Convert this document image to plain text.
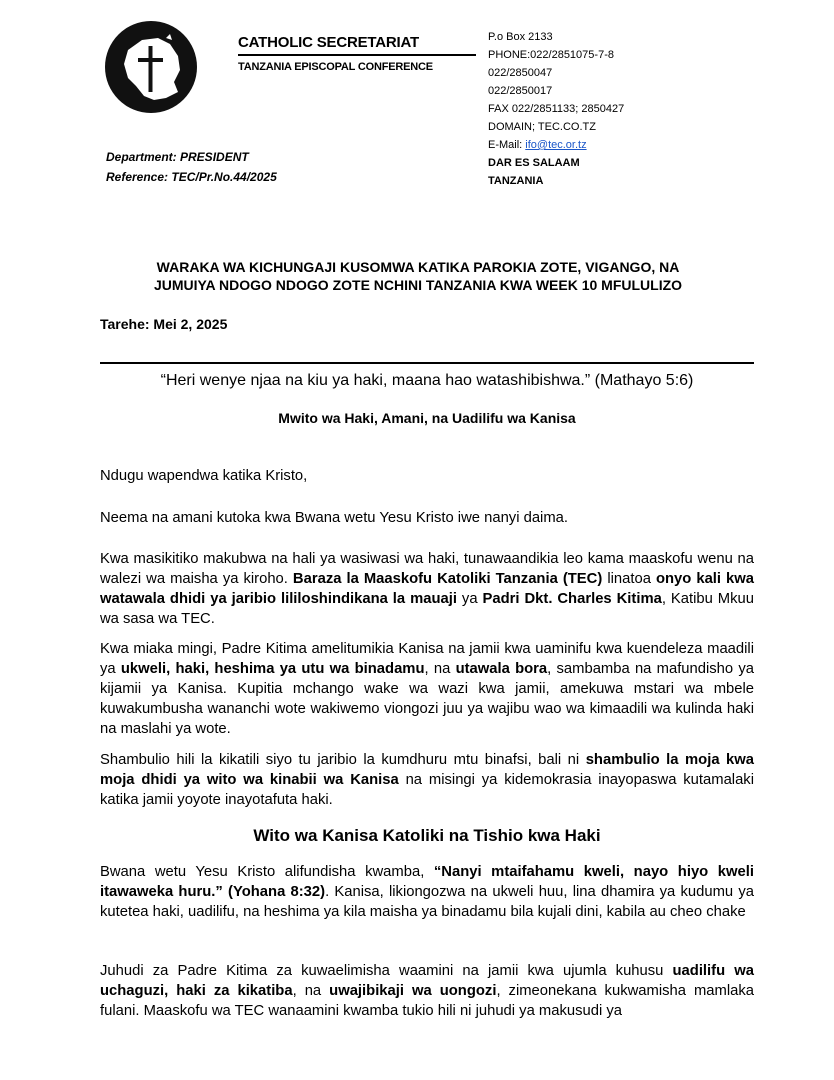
CATHOLIC SECRETARIAT
TANZANIA EPISCOPAL CONFERENCE
P.o Box 2133
PHONE:022/2851075-7-8
022/2850047
022/2850017
FAX 022/2851133; 2850427
DOMAIN; TEC.CO.TZ
E-Mail: ifo@tec.or.tz
DAR ES SALAAM
TANZANIA
Department: PRESIDENT
Reference: TEC/Pr.No.44/2025
WARAKA WA KICHUNGAJI KUSOMWA KATIKA PAROKIA ZOTE, VIGANGO, NA
JUMUIYA NDOGO NDOGO ZOTE NCHINI TANZANIA KWA WEEK 10 MFULULIZO
Tarehe: Mei 2, 2025
“Heri wenye njaa na kiu ya haki, maana hao watashibishwa.” (Mathayo 5:6)
Mwito wa Haki, Amani, na Uadilifu wa Kanisa
Ndugu wapendwa katika Kristo,
Neema na amani kutoka kwa Bwana wetu Yesu Kristo iwe nanyi daima.
Kwa masikitiko makubwa na hali ya wasiwasi wa haki, tunawaandikia leo kama maaskofu wenu na walezi wa maisha ya kiroho. Baraza la Maaskofu Katoliki Tanzania (TEC) linatoa onyo kali kwa watawala dhidi ya jaribio lililoshindikana la mauaji ya Padri Dkt. Charles Kitima, Katibu Mkuu wa sasa wa TEC.
Kwa miaka mingi, Padre Kitima amelitumikia Kanisa na jamii kwa uaminifu kwa kuendeleza maadili ya ukweli, haki, heshima ya utu wa binadamu, na utawala bora, sambamba na mafundisho ya kijamii ya Kanisa. Kupitia mchango wake wa wazi kwa jamii, amekuwa mstari wa mbele kuwakumbusha wananchi wote wakiwemo viongozi juu ya wajibu wao wa kimaadili wa kulinda haki na maslahi ya wote.
Shambulio hili la kikatili siyo tu jaribio la kumdhuru mtu binafsi, bali ni shambulio la moja kwa moja dhidi ya wito wa kinabii wa Kanisa na misingi ya kidemokrasia inayopaswa kutamalaki katika jamii yoyote inayotafuta haki.
Wito wa Kanisa Katoliki na Tishio kwa Haki
Bwana wetu Yesu Kristo alifundisha kwamba, “Nanyi mtaifahamu kweli, nayo hiyo kweli itawaweka huru.” (Yohana 8:32). Kanisa, likiongozwa na ukweli huu, lina dhamira ya kudumu ya kutetea haki, uadilifu, na heshima ya kila maisha ya binadamu bila kujali dini, kabila au cheo chake
Juhudi za Padre Kitima za kuwaelimisha waamini na jamii kwa ujumla kuhusu uadilifu wa uchaguzi, haki za kikatiba, na uwajibikaji wa uongozi, zimeonekana kukwamisha mamlaka fulani. Maaskofu wa TEC wanaamini kwamba tukio hili ni juhudi ya makusudi ya
